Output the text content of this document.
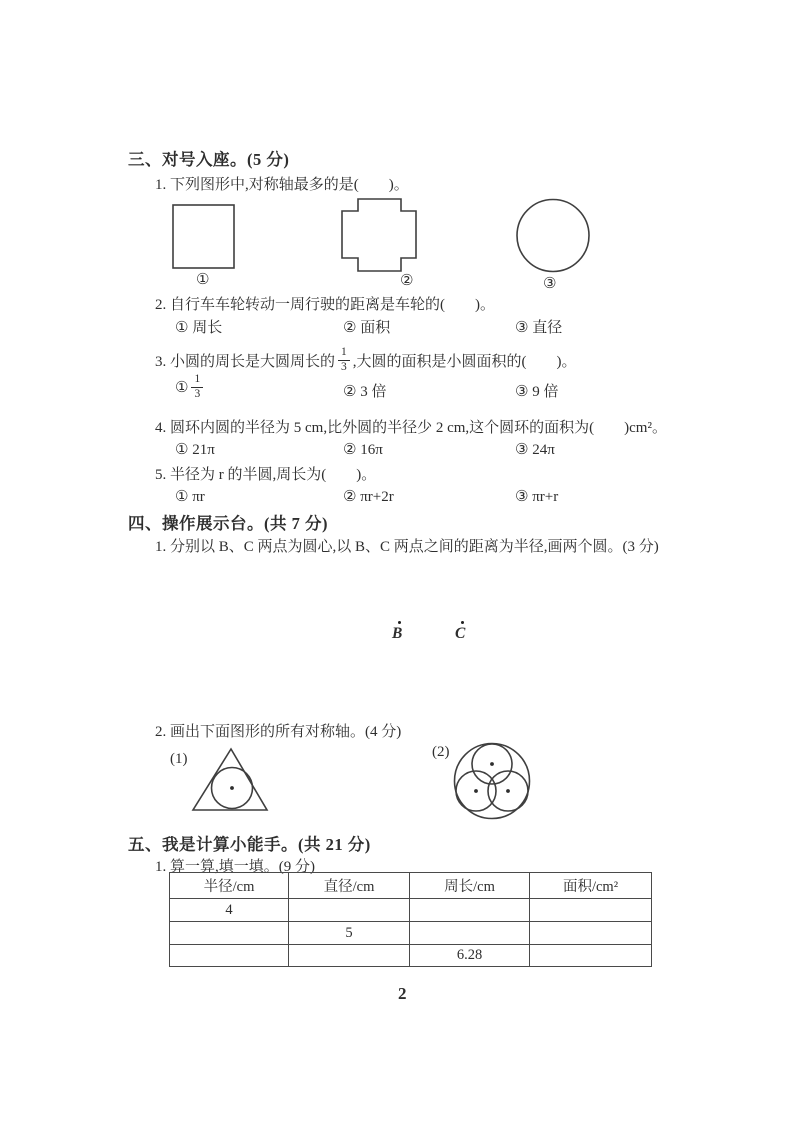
三、对号入座。(5 分)
1. 下列图形中,对称轴最多的是(　　)。
①	②	③
2. 自行车车轮转动一周行驶的距离是车轮的(　　)。
① 周长	② 面积	③ 直径
3. 小圆的周长是大圆周长的 $\frac{1}{3}$ ,大圆的面积是小圆面积的(　　)。
① $\frac{1}{3}$	② 3 倍	③ 9 倍
4. 圆环内圆的半径为 5 cm,比外圆的半径少 2 cm,这个圆环的面积为(　　)cm²。
① 21π	② 16π	③ 24π
5. 半径为 r 的半圆,周长为(　　)。
① πr	② πr+2r	③ πr+r
四、操作展示台。(共 7 分)
1. 分别以 B、C 两点为圆心,以 B、C 两点之间的距离为半径,画两个圆。(3 分)
B	C
2. 画出下面图形的所有对称轴。(4 分)
(1)	(2)
五、我是计算小能手。(共 21 分)
1. 算一算,填一填。(9 分)
半径/cm	直径/cm	周长/cm	面积/cm²
4			
	5		
		6.28	
2
